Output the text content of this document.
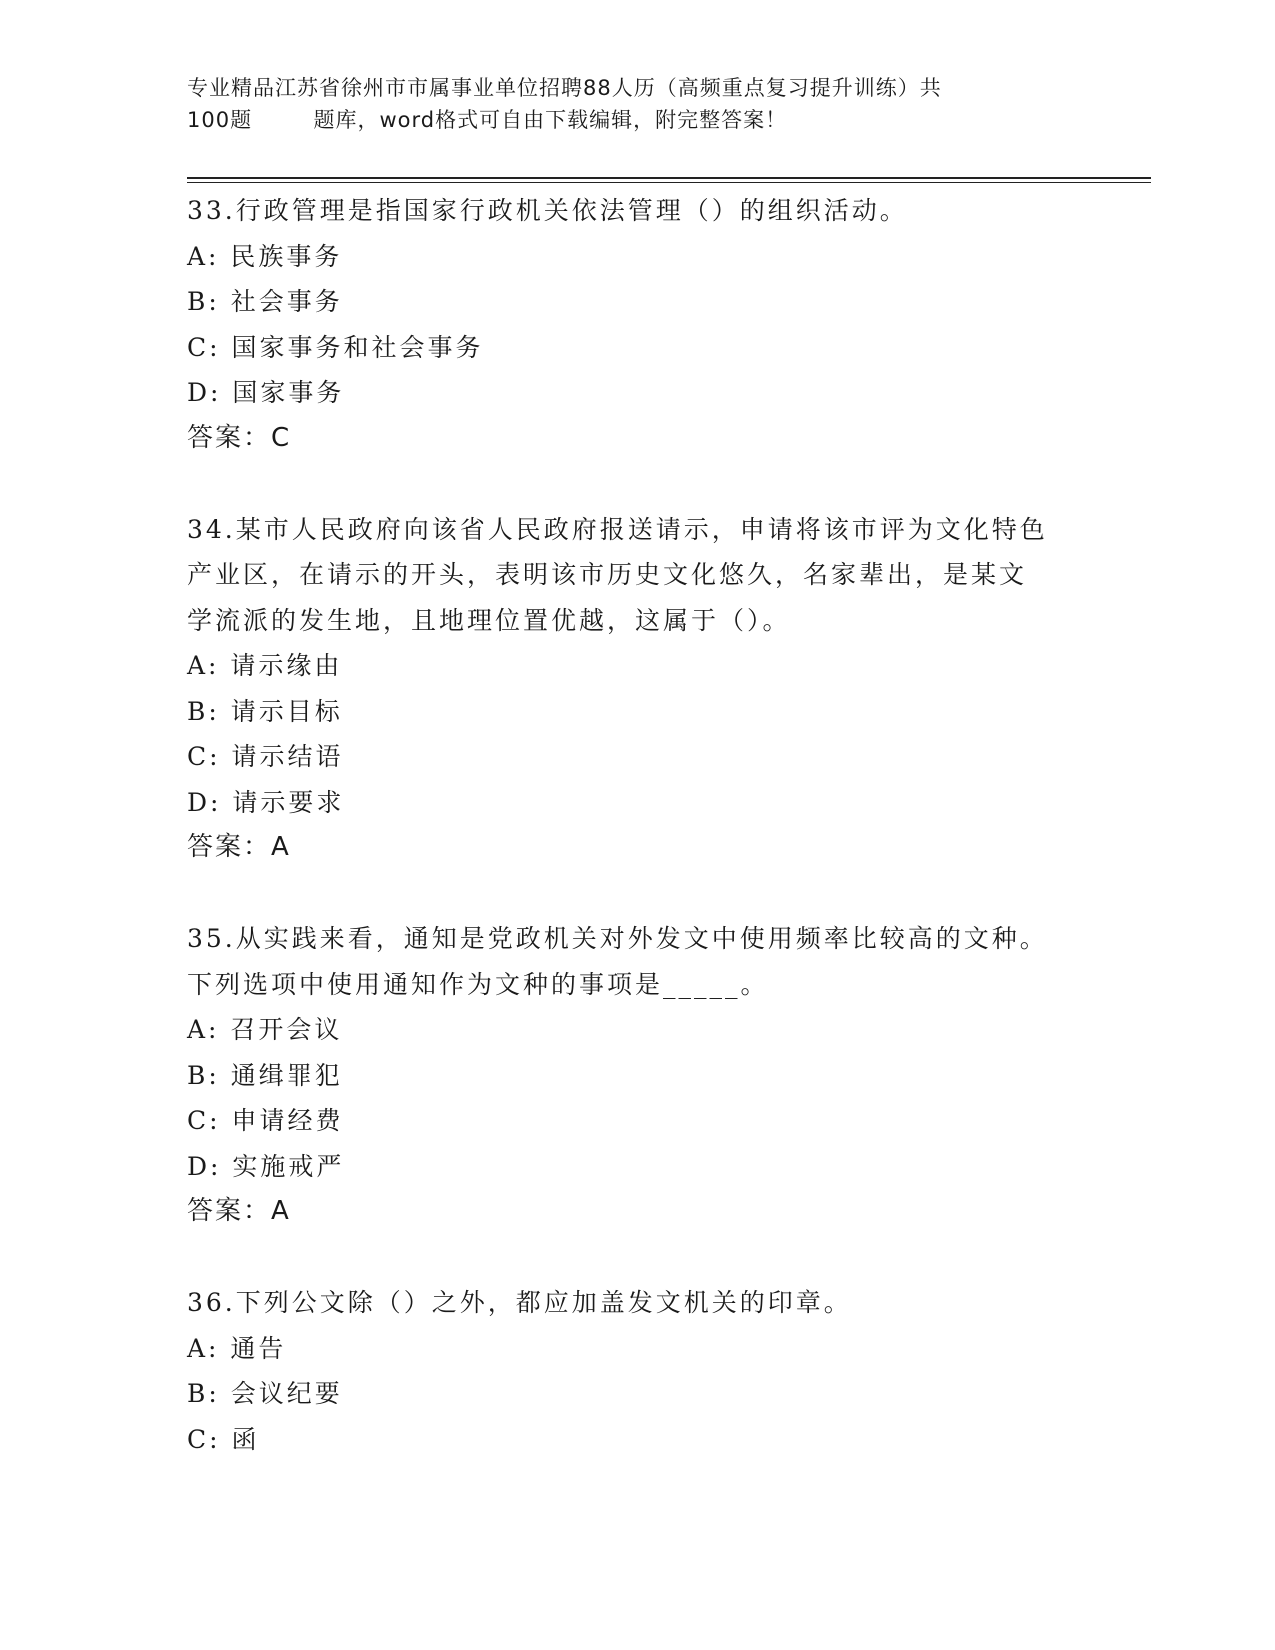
专业精品江苏省徐州市市属事业单位招聘88人历（高频重点复习提升训练）共
100题        题库，word格式可自由下载编辑，附完整答案！
33.行政管理是指国家行政机关依法管理（）的组织活动。
A: 民族事务
B: 社会事务
C: 国家事务和社会事务
D: 国家事务
答案：C
34.某市人民政府向该省人民政府报送请示，申请将该市评为文化特色
产业区，在请示的开头，表明该市历史文化悠久，名家辈出，是某文
学流派的发生地，且地理位置优越，这属于（）。
A: 请示缘由
B: 请示目标
C: 请示结语
D: 请示要求
答案：A
35.从实践来看，通知是党政机关对外发文中使用频率比较高的文种。
下列选项中使用通知作为文种的事项是_____。
A: 召开会议
B: 通缉罪犯
C: 申请经费
D: 实施戒严
答案：A
36.下列公文除（）之外，都应加盖发文机关的印章。
A: 通告
B: 会议纪要
C: 函
